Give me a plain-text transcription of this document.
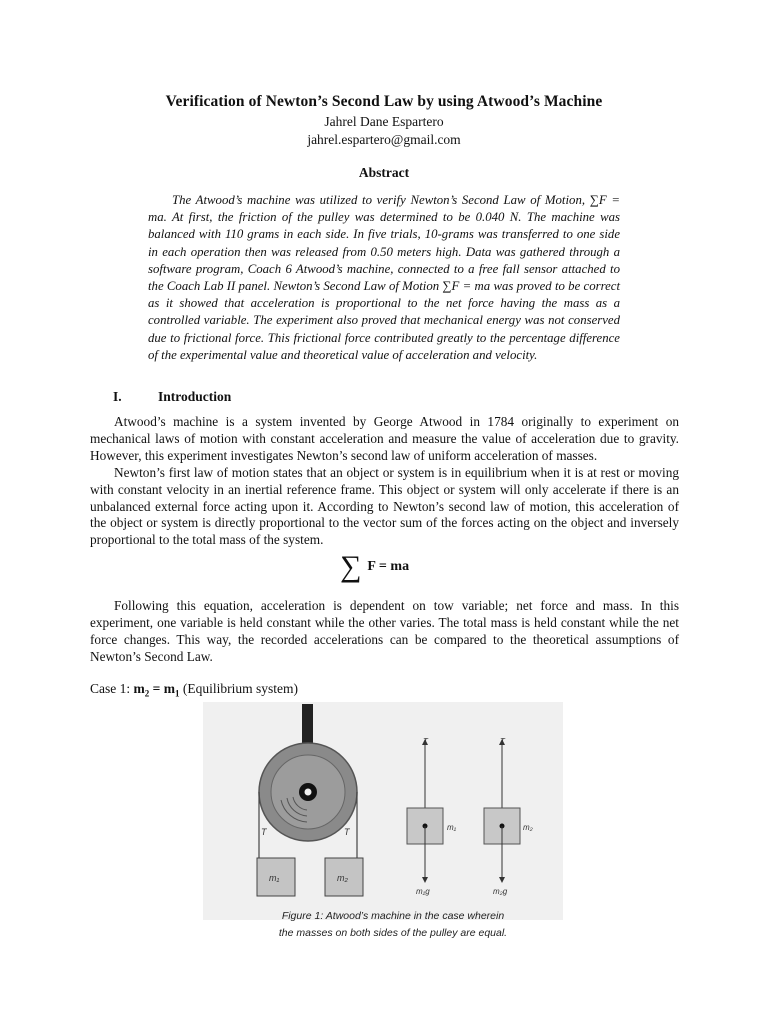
Verification of Newton’s Second Law by using Atwood’s Machine
Jahrel Dane Espartero
jahrel.espartero@gmail.com
Abstract
The Atwood’s machine was utilized to verify Newton’s Second Law of Motion, ∑F = ma. At first, the friction of the pulley was determined to be 0.040 N. The machine was balanced with 110 grams in each side. In five trials, 10-grams was transferred to one side in each operation then was released from 0.50 meters high. Data was gathered through a software program, Coach 6 Atwood’s machine, connected to a free fall sensor attached to the Coach Lab II panel. Newton’s Second Law of Motion ∑F = ma was proved to be correct as it showed that acceleration is proportional to the net force having the mass as a controlled variable. The experiment also proved that mechanical energy was not conserved due to frictional force. This frictional force contributed greatly to the percentage difference of the experimental value and theoretical value of acceleration and velocity.
I.	Introduction

Atwood’s machine is a system invented by George Atwood in 1784 originally to experiment on mechanical laws of motion with constant acceleration and measure the value of acceleration due to gravity. However, this experiment investigates Newton’s second law of uniform acceleration of masses.

Newton’s first law of motion states that an object or system is in equilibrium when it is at rest or moving with constant velocity in an inertial reference frame. This object or system will only accelerate if there is an unbalanced external force acting upon it. According to Newton’s second law of motion, this acceleration of the object or system is directly proportional to the vector sum of the forces acting on the object and inversely proportional to the total mass of the system.

∑ F = ma

Following this equation, acceleration is dependent on tow variable; net force and mass. In this experiment, one variable is held constant while the other varies. The total mass is held constant while the net force changes. This way, the recorded accelerations can be compared to the theoretical assumptions of Newton’s Second Law.

Case 1: $m_2 = m_1$ (Equilibrium system)
T	T
m₁	m₂
T
m₁
m₁g
T
m₂
m₂g
Figure 1: Atwood’s machine in the case wherein
the masses on both sides of the pulley are equal.
